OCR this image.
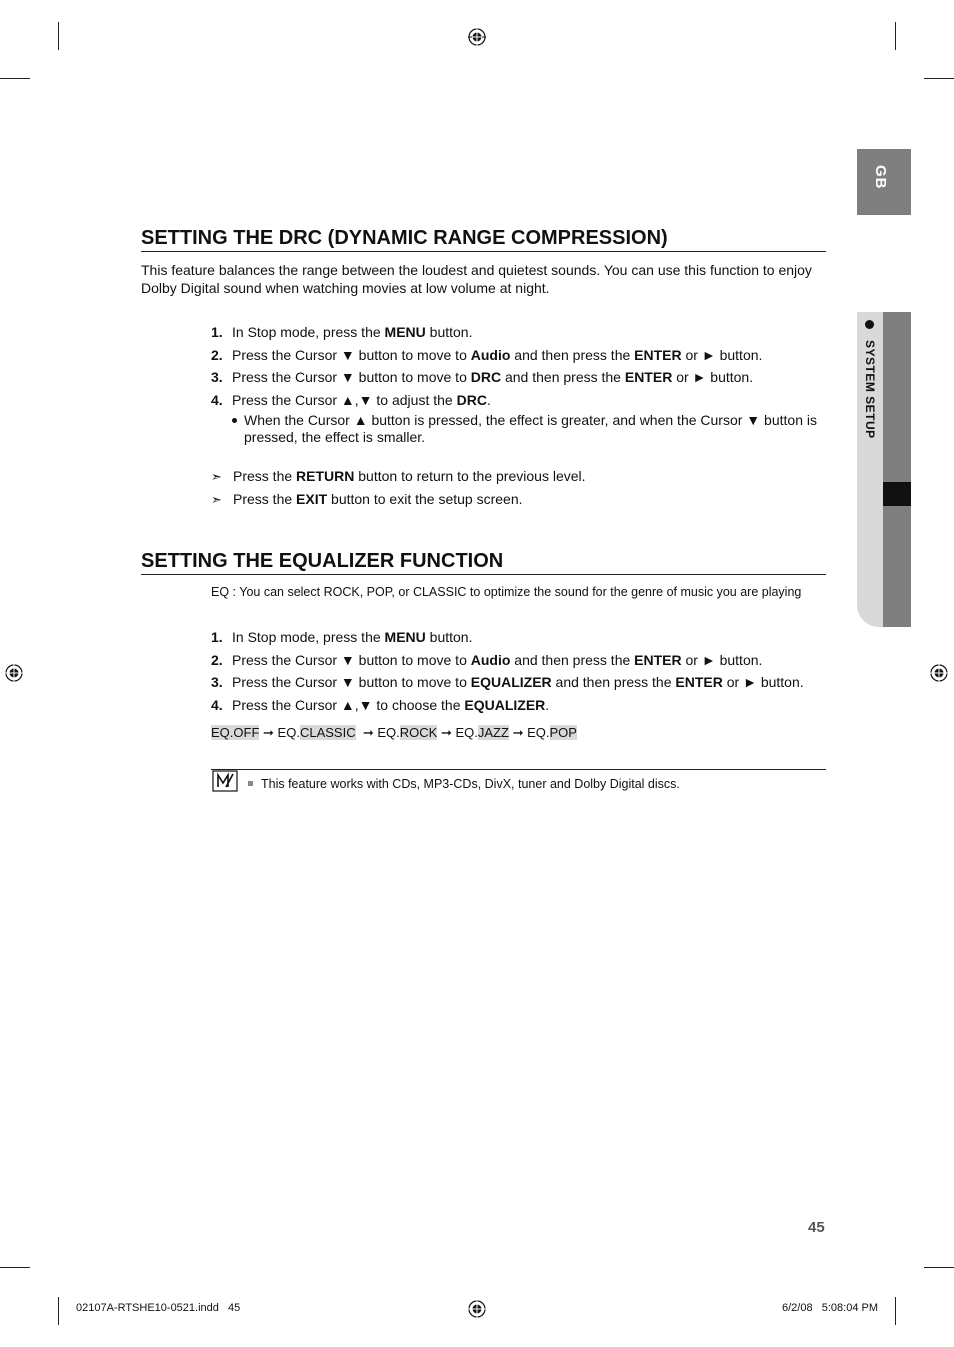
GB
SYSTEM SETUP
SETTING THE DRC (DYNAMIC RANGE COMPRESSION)
This feature balances the range between the loudest and quietest sounds. You can use this function to enjoy
Dolby Digital sound when watching movies at low volume at night.
1. In Stop mode, press the MENU button.
2. Press the Cursor ▼ button to move to Audio and then press the ENTER or ► button.
3. Press the Cursor ▼ button to move to DRC and then press the ENTER or ► button.
4. Press the Cursor ▲,▼ to adjust the DRC.
When the Cursor ▲ button is pressed, the effect is greater, and when the Cursor ▼ button is
pressed, the effect is smaller.
➣ Press the RETURN button to return to the previous level.
➣ Press the EXIT button to exit the setup screen.
SETTING THE EQUALIZER FUNCTION
EQ : You can select ROCK, POP, or CLASSIC to optimize the sound for the genre of music you are playing
1. In Stop mode, press the MENU button.
2. Press the Cursor ▼ button to move to Audio and then press the ENTER or ► button.
3. Press the Cursor ▼ button to move to EQUALIZER and then press the ENTER or ► button.
4. Press the Cursor ▲,▼ to choose the EQUALIZER.
EQ.OFF ➞ EQ.CLASSIC ➞ EQ.ROCK ➞ EQ.JAZZ ➞ EQ.POP
This feature works with CDs, MP3-CDs, DivX, tuner and Dolby Digital discs.
45
02107A-RTSHE10-0521.indd   45	6/2/08   5:08:04 PM
